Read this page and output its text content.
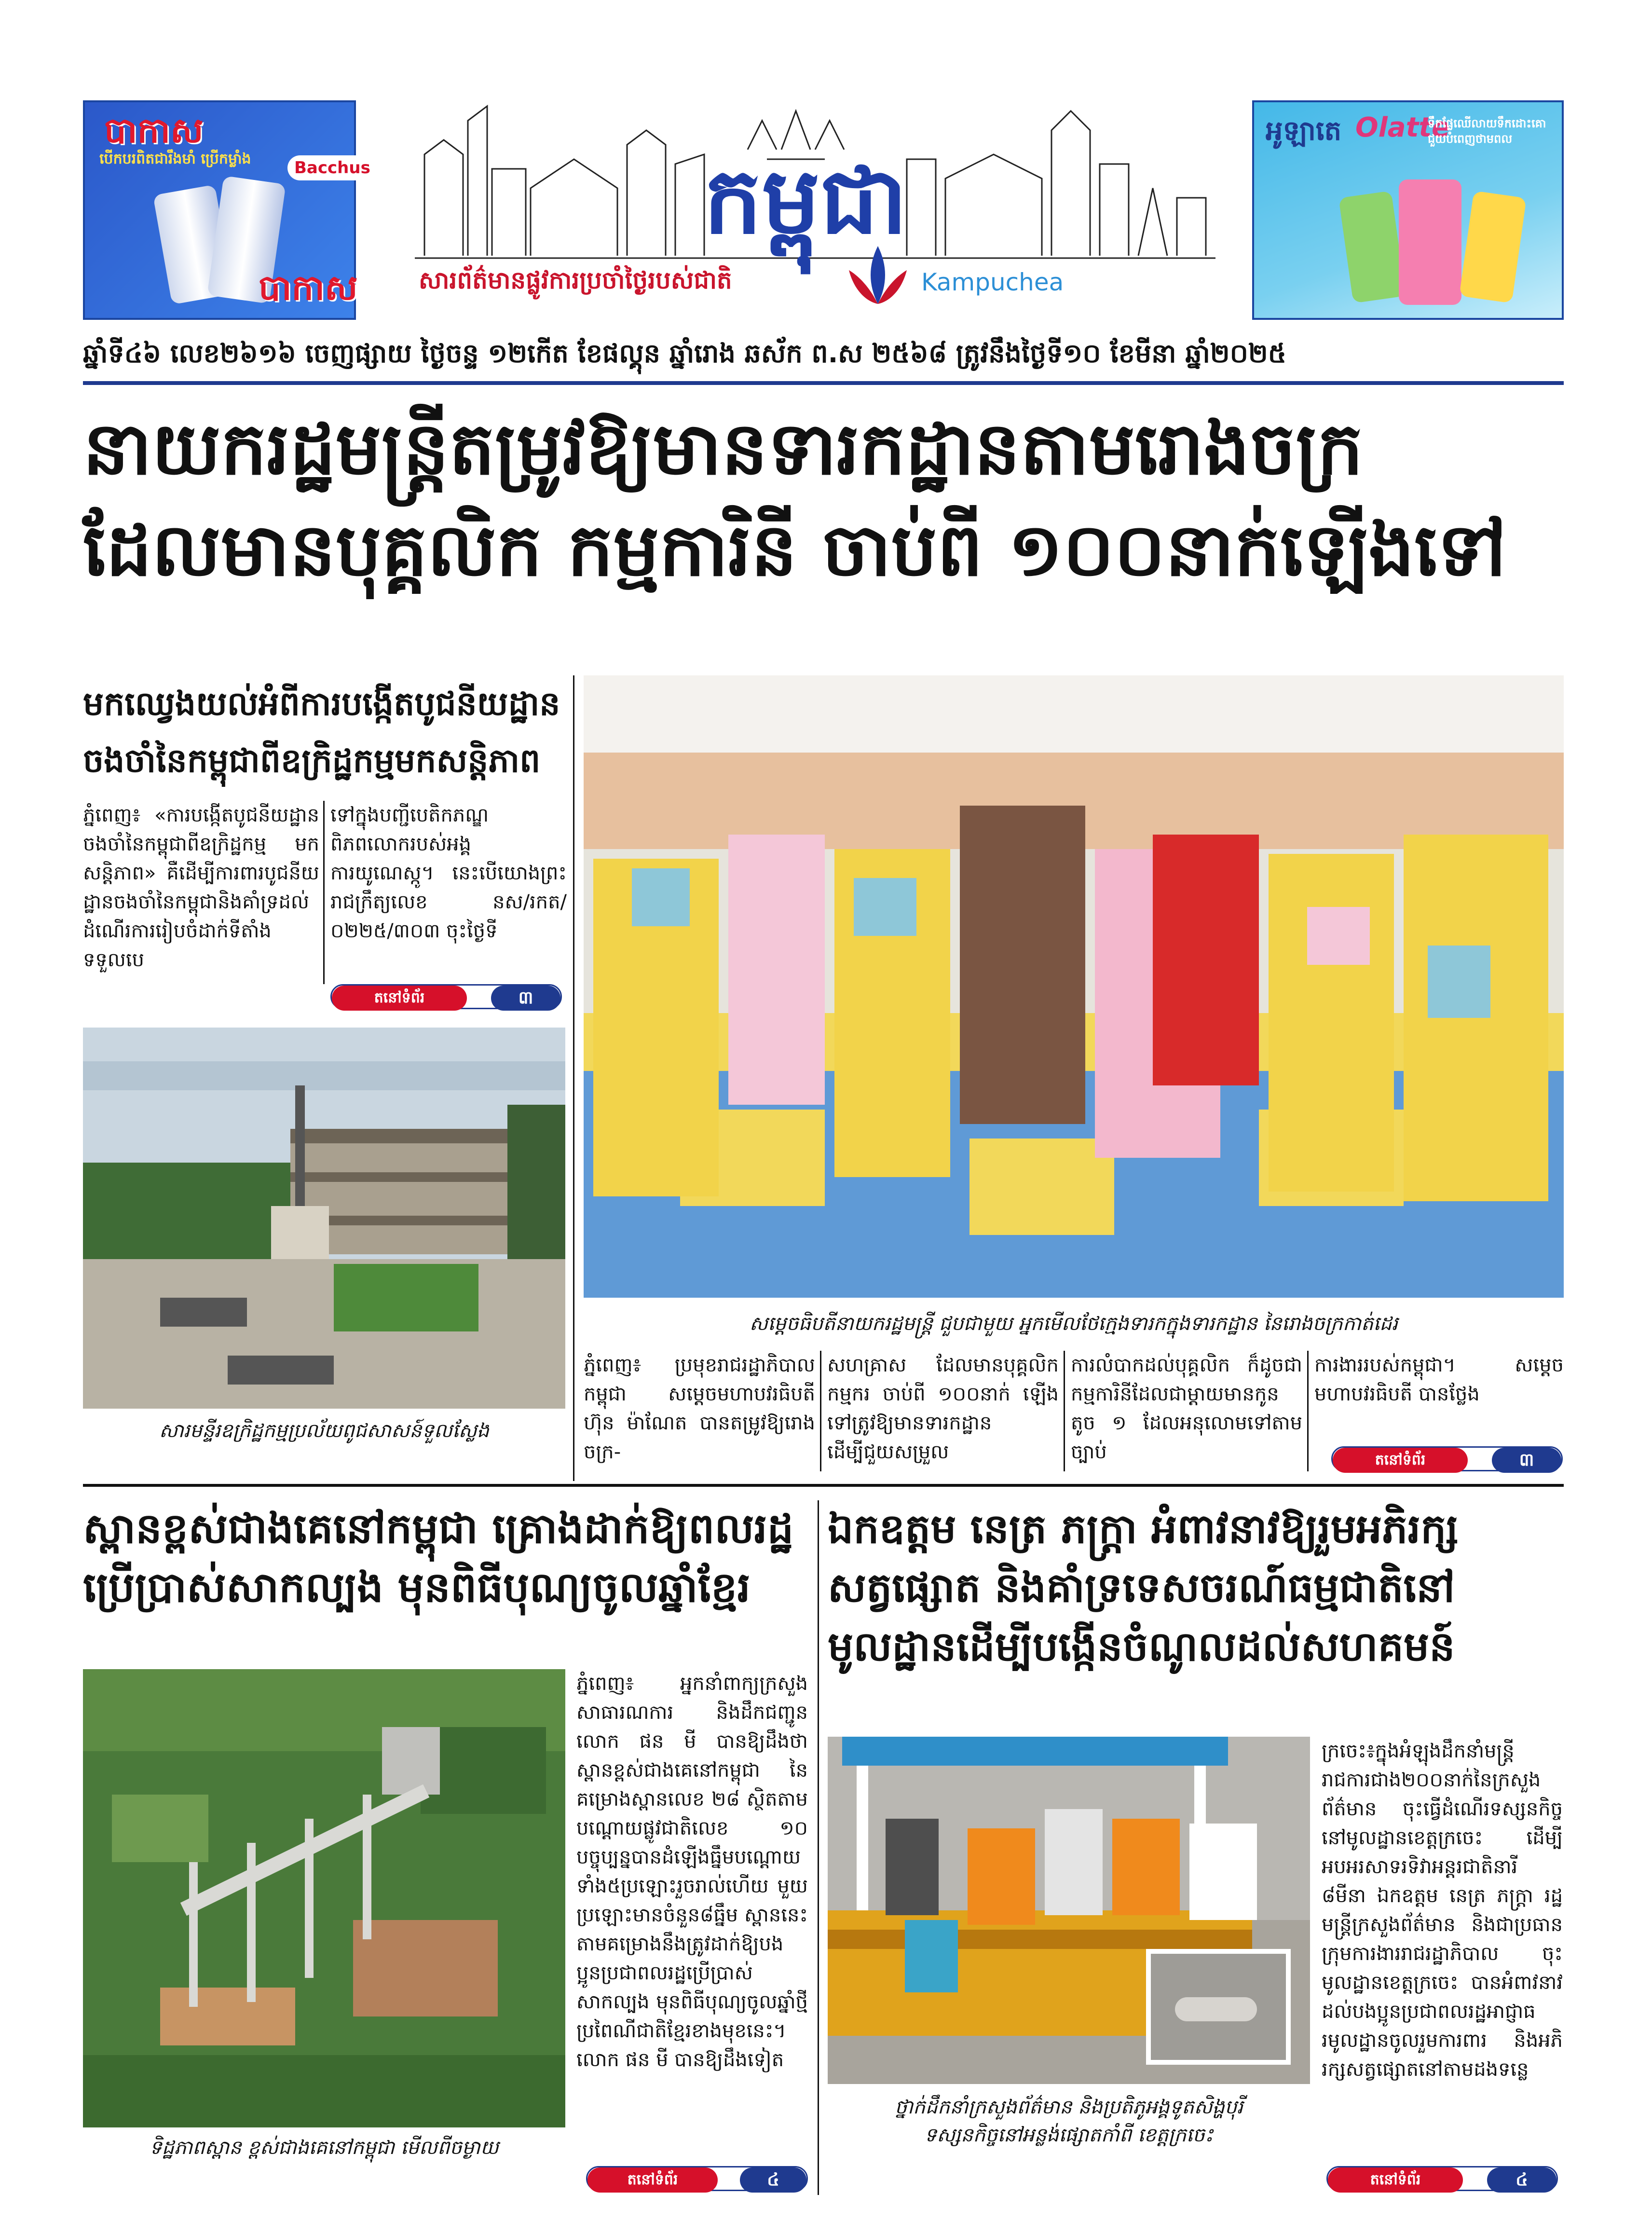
បាកាស
បើកបរពិតជារឹងមាំ ប្រើកម្លាំង	Bacchus
បាកាស
កម្ពុជា
សារព័ត៌មានផ្លូវការប្រចាំថ្ងៃរបស់ជាតិ	Kampuchea
អូឡាតេ Olatte
ទឹកផ្លែឈើលាយទឹកដោះគោ ជួយបំពេញថាមពល
ឆ្នាំទី៤៦ លេខ២៦១៦ ចេញផ្សាយ ថ្ងៃចន្ទ ១២កើត ខែផល្គុន ឆ្នាំរោង ឆស័ក ព.ស ២៥៦៨ ត្រូវនឹងថ្ងៃទី១០ ខែមីនា ឆ្នាំ២០២៥
នាយករដ្ឋមន្ត្រីតម្រូវឱ្យមានទារកដ្ឋានតាមរោងចក្រ
ដែលមានបុគ្គលិក កម្មការិនី ចាប់ពី ១០០នាក់ឡើងទៅ
មកឈ្វេងយល់អំពីការបង្កើតបូជនីយដ្ឋាន
ចងចាំនៃកម្ពុជាពីឧក្រិដ្ឋកម្មមកសន្តិភាព
ភ្នំពេញ៖ «ការបង្កើតបូជនីយដ្ឋានចងចាំនៃកម្ពុជាពីឧក្រិដ្ឋកម្ម មកសន្តិភាព» គឺដើម្បីការពារបូជនីយដ្ឋានចងចាំនៃកម្ពុជានិងគាំទ្រដល់ដំណើរការរៀបចំដាក់ទីតាំងទទួលបេ
ទៅក្នុងបញ្ជីបេតិកភណ្ឌពិភពលោករបស់អង្គការយូណេស្កូ។ នេះបើយោងព្រះរាជក្រឹត្យលេខ នស/រកត/០២២៥/៣០៣ ចុះថ្ងៃទី
តនៅទំព័រ	៣
សារមន្ទីរឧក្រិដ្ឋកម្មប្រល័យពូជសាសន៍ទួលស្លែង
សម្តេចធិបតីនាយករដ្ឋមន្ត្រី ជួបជាមួយ អ្នកមើលថែក្មេងទារកក្នុងទារកដ្ឋាន នៃរោងចក្រកាត់ដេរ
ភ្នំពេញ៖ ប្រមុខរាជរដ្ឋាភិបាលកម្ពុជា សម្តេចមហាបវរធិបតី ហ៊ុន ម៉ាណែត បានតម្រូវឱ្យរោងចក្រ-
សហគ្រាស ដែលមានបុគ្គលិក កម្មករ ចាប់ពី ១០០នាក់ ឡើងទៅត្រូវឱ្យមានទារកដ្ឋានដើម្បីជួយសម្រួល
ការលំបាកដល់បុគ្គលិក ក៏ដូចជាកម្មការិនីដែលជាម្តាយមានកូនតូច ១ ដែលអនុលោមទៅតាមច្បាប់
ការងាររបស់កម្ពុជា។ សម្តេចមហាបវរធិបតី បានថ្លែង
តនៅទំព័រ	៣
ស្ពានខ្ពស់ជាងគេនៅកម្ពុជា គ្រោងដាក់ឱ្យពលរដ្ឋ
ប្រើប្រាស់សាកល្បង មុនពិធីបុណ្យចូលឆ្នាំខ្មែរ
ទិដ្ឋភាពស្ពាន ខ្ពស់ជាងគេនៅកម្ពុជា មើលពីចម្ងាយ
ភ្នំពេញ៖ អ្នកនាំពាក្យក្រសួងសាធារណការ និងដឹកជញ្ជូន លោក ផន មី បានឱ្យដឹងថា ស្ពានខ្ពស់ជាងគេនៅកម្ពុជា នៃគម្រោងស្ពានលេខ ២៨ ស្ថិតតាមបណ្តោយផ្លូវជាតិលេខ ១០ បច្ចុប្បន្នបានដំឡើងធ្នឹមបណ្តោយទាំង៥ប្រឡោះរួចរាល់ហើយ មួយប្រឡោះមានចំនួន៨ធ្នឹម ស្ពាននេះតាមគម្រោងនឹងត្រូវដាក់ឱ្យបងប្អូនប្រជាពលរដ្ឋប្រើប្រាស់សាកល្បង មុនពិធីបុណ្យចូលឆ្នាំថ្មីប្រពៃណីជាតិខ្មែរខាងមុខនេះ។ លោក ផន មី បានឱ្យដឹងទៀត
តនៅទំព័រ	៤
ឯកឧត្តម នេត្រ ភក្ត្រា អំពាវនាវឱ្យរួមអភិរក្ស
សត្វផ្សោត និងគាំទ្រទេសចរណ៍ធម្មជាតិនៅ
មូលដ្ឋានដើម្បីបង្កើនចំណូលដល់សហគមន៍
ថ្នាក់ដឹកនាំក្រសួងព័ត៌មាន និងប្រតិភូអង្គទូតសិង្ហបុរី
ទស្សនកិច្ចនៅអន្លង់ផ្សោតកាំពី ខេត្តក្រចេះ
ក្រចេះ៖ក្នុងអំឡុងដឹកនាំមន្ត្រីរាជការជាង២០០នាក់នៃក្រសួងព័ត៌មាន ចុះធ្វើដំណើរទស្សនកិច្ចនៅមូលដ្ឋានខេត្តក្រចេះ ដើម្បីអបអរសាទរទិវាអន្តរជាតិនារី ៨មីនា ឯកឧត្តម នេត្រ ភក្ត្រា រដ្ឋមន្ត្រីក្រសួងព័ត៌មាន និងជាប្រធានក្រុមការងាររាជរដ្ឋាភិបាល ចុះមូលដ្ឋានខេត្តក្រចេះ បានអំពាវនាវដល់បងប្អូនប្រជាពលរដ្ឋអាជ្ញាធរមូលដ្ឋានចូលរួមការពារ និងអភិរក្សសត្វផ្សោតនៅតាមដងទន្លេ
តនៅទំព័រ	៤
